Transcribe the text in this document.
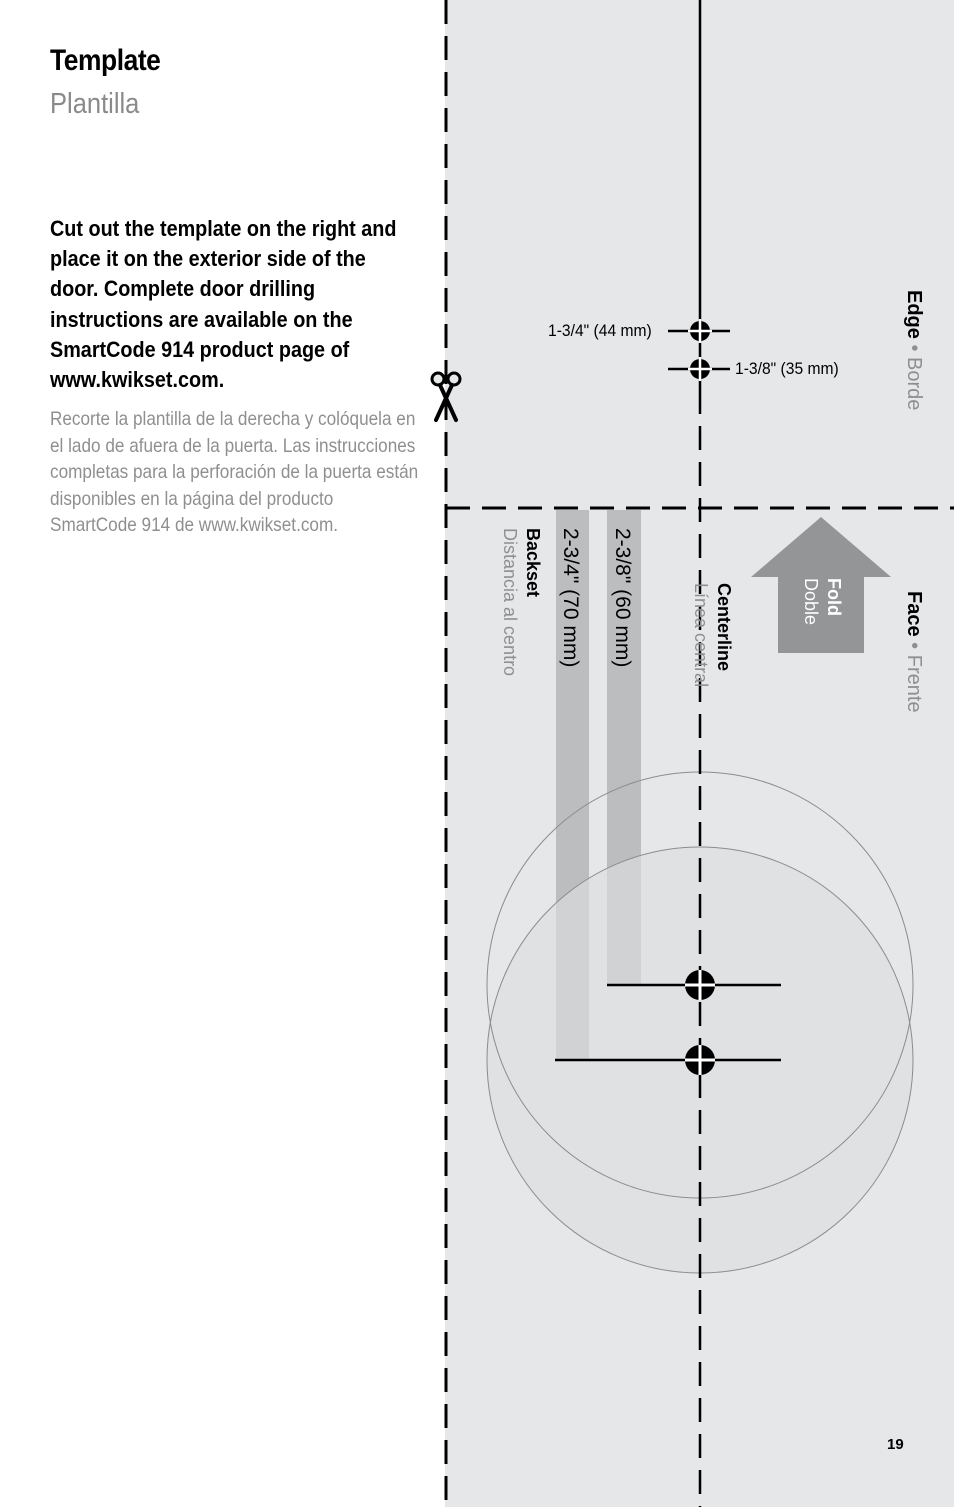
Template
Plantilla
Cut out the template on the right and place it on the exterior side of the door. Complete door drilling instructions are available on the SmartCode 914 product page of www.kwikset.com.
Recorte la plantilla de la derecha y colóquela en el lado de afuera de la puerta. Las instrucciones completas para la perforación de la puerta están disponibles en la página del producto SmartCode 914 de www.kwikset.com.
1-3/4" (44 mm)
1-3/8" (35 mm)
Edge • Borde
Face • Frente
Fold
Doble
Centerline
Línea central
2-3/8" (60 mm)
2-3/4" (70 mm)
Backset
Distancia al centro
19
